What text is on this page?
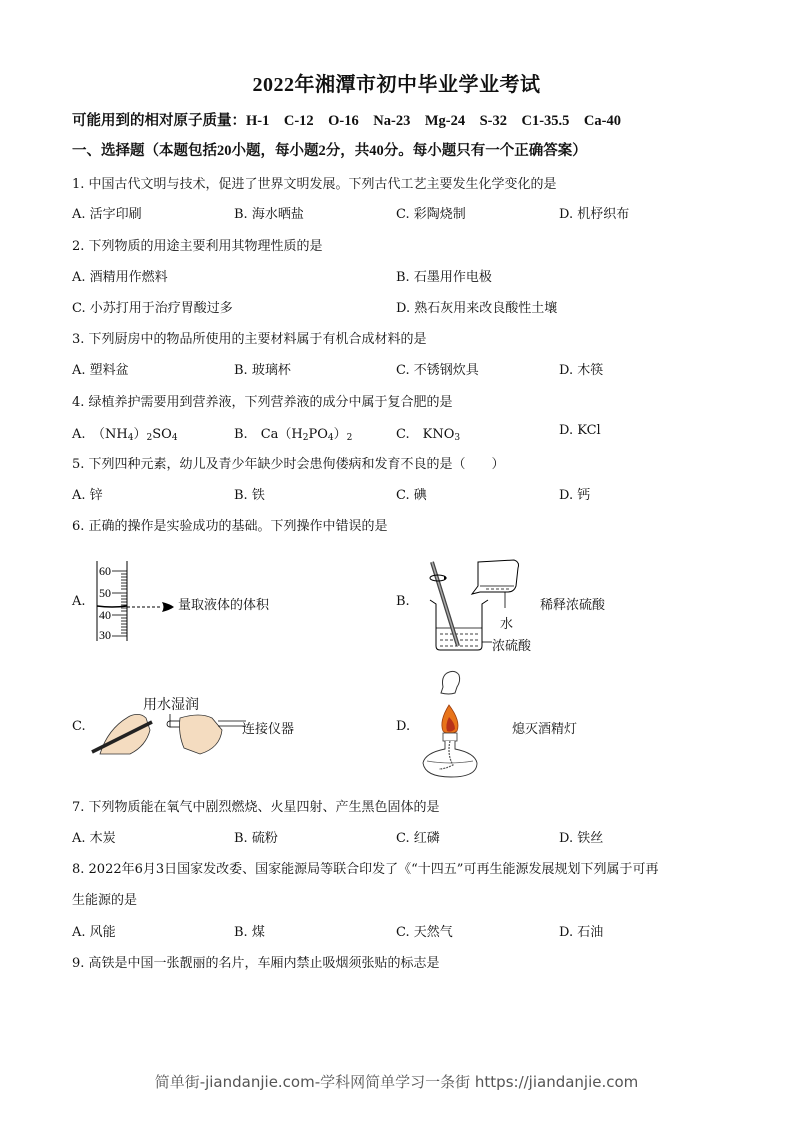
2022年湘潭市初中毕业学业考试
可能用到的相对原子质量：H-1　C-12　O-16　Na-23　Mg-24　S-32　C1-35.5　Ca-40
一、选择题（本题包括20小题，每小题2分，共40分。每小题只有一个正确答案）
1. 中国古代文明与技术，促进了世界文明发展。下列古代工艺主要发生化学变化的是
A. 活字印刷	B. 海水晒盐	C. 彩陶烧制	D. 机杼织布
2. 下列物质的用途主要利用其物理性质的是
A. 酒精用作燃料	B. 石墨用作电极
C. 小苏打用于治疗胃酸过多	D. 熟石灰用来改良酸性土壤
3. 下列厨房中的物品所使用的主要材料属于有机合成材料的是
A. 塑料盆	B. 玻璃杯	C. 不锈钢炊具	D. 木筷
4. 绿植养护需要用到营养液，下列营养液的成分中属于复合肥的是
A.　$(NH_4)_2SO_4$	B.　$Ca(H_2PO_4)_2$	C.　$KNO_3$	D. KCl
5. 下列四种元素，幼儿及青少年缺少时会患佝偻病和发育不良的是（　　）
A. 锌	B. 铁	C. 碘	D. 钙
6. 正确的操作是实验成功的基础。下列操作中错误的是
A.
60
50
40
30
量取液体的体积	B.
水
浓硫酸
稀释浓硫酸
C.
用水湿润
连接仪器	D.	熄灭酒精灯
7. 下列物质能在氧气中剧烈燃烧、火星四射、产生黑色固体的是
A. 木炭	B. 硫粉	C. 红磷	D. 铁丝
8. 2022年6月3日国家发改委、国家能源局等联合印发了《“十四五”可再生能源发展规划下列属于可再
生能源的是
A. 风能	B. 煤	C. 天然气	D. 石油
9. 高铁是中国一张靓丽的名片，车厢内禁止吸烟须张贴的标志是
简单街-jiandanjie.com-学科网简单学习一条街 https://jiandanjie.com
